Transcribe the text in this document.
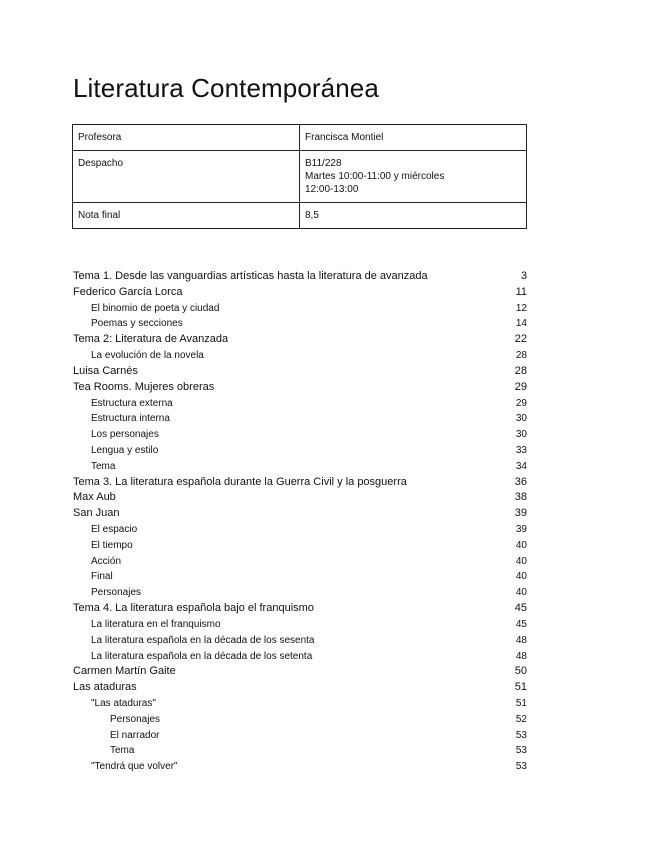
Literatura Contemporánea
Profesora	Francisca Montiel

Despacho	B11/228
Martes 10:00-11:00 y miércoles
12:00-13:00

Nota final	8,5
Tema 1. Desde las vanguardias artísticas hasta la literatura de avanzada	3
Federico García Lorca	11
El binomio de poeta y ciudad	12
Poemas y secciones	14
Tema 2: Literatura de Avanzada	22
La evolución de la novela	28
Luisa Carnés	28
Tea Rooms. Mujeres obreras	29
Estructura externa	29
Estructura interna	30
Los personajes	30
Lengua y estilo	33
Tema	34
Tema 3. La literatura española durante la Guerra Civil y la posguerra	36
Max Aub	38
San Juan	39
El espacio	39
El tiempo	40
Acción	40
Final	40
Personajes	40
Tema 4. La literatura española bajo el franquismo	45
La literatura en el franquismo	45
La literatura española en la década de los sesenta	48
La literatura española en la década de los setenta	48
Carmen Martín Gaite	50
Las ataduras	51
"Las ataduras"	51
Personajes	52
El narrador	53
Tema	53
"Tendrá que volver"	53
